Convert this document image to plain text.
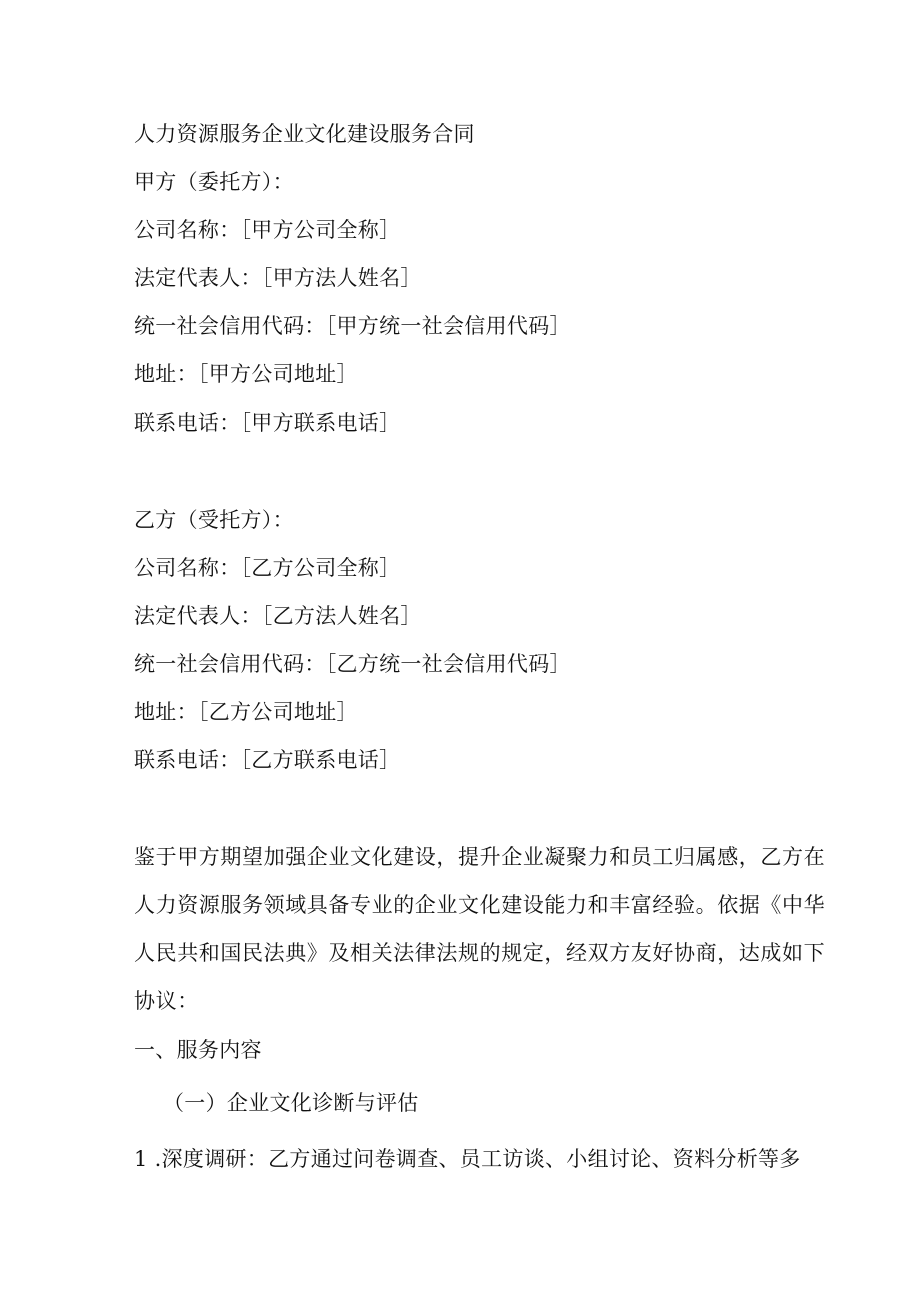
人力资源服务企业文化建设服务合同
甲方（委托方）：
公司名称：［甲方公司全称］
法定代表人：［甲方法人姓名］
统一社会信用代码：［甲方统一社会信用代码］
地址：［甲方公司地址］
联系电话：［甲方联系电话］
乙方（受托方）：
公司名称：［乙方公司全称］
法定代表人：［乙方法人姓名］
统一社会信用代码：［乙方统一社会信用代码］
地址：［乙方公司地址］
联系电话：［乙方联系电话］
鉴于甲方期望加强企业文化建设，提升企业凝聚力和员工归属感，乙方在
人力资源服务领域具备专业的企业文化建设能力和丰富经验。依据《中华
人民共和国民法典》及相关法律法规的规定，经双方友好协商，达成如下
协议：
一、服务内容
（一）企业文化诊断与评估
1 .深度调研：乙方通过问卷调查、员工访谈、小组讨论、资料分析等多
